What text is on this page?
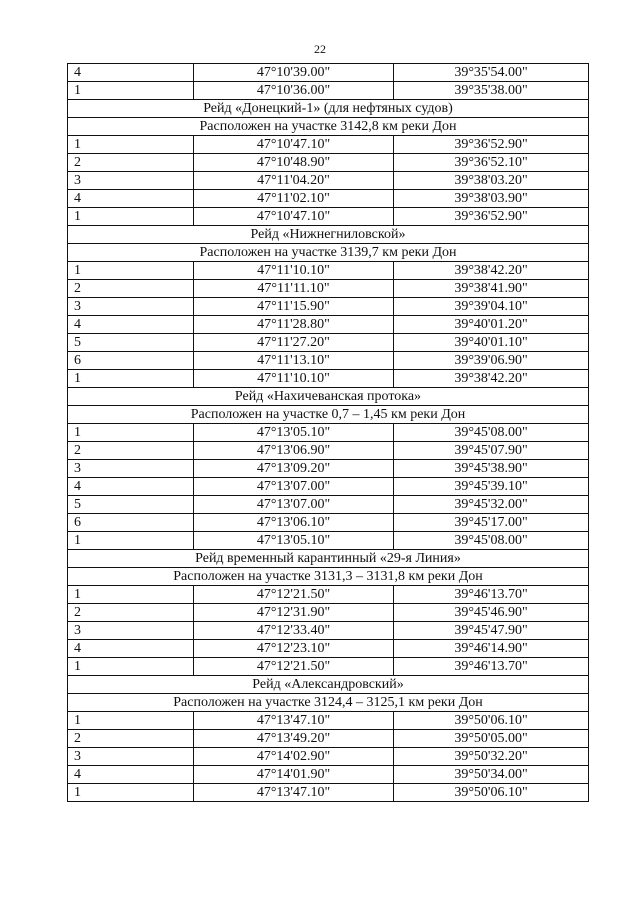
22
4	47°10'39.00"	39°35'54.00"
1	47°10'36.00"	39°35'38.00"
Рейд «Донецкий-1» (для нефтяных судов)		
Расположен на участке 3142,8 км реки Дон		
1	47°10'47.10"	39°36'52.90"
2	47°10'48.90"	39°36'52.10"
3	47°11'04.20"	39°38'03.20"
4	47°11'02.10"	39°38'03.90"
1	47°10'47.10"	39°36'52.90"
Рейд «Нижнегниловской»		
Расположен на участке 3139,7 км реки Дон		
1	47°11'10.10"	39°38'42.20"
2	47°11'11.10"	39°38'41.90"
3	47°11'15.90"	39°39'04.10"
4	47°11'28.80"	39°40'01.20"
5	47°11'27.20"	39°40'01.10"
6	47°11'13.10"	39°39'06.90"
1	47°11'10.10"	39°38'42.20"
Рейд «Нахичеванская протока»		
Расположен на участке 0,7 – 1,45 км реки Дон		
1	47°13'05.10"	39°45'08.00"
2	47°13'06.90"	39°45'07.90"
3	47°13'09.20"	39°45'38.90"
4	47°13'07.00"	39°45'39.10"
5	47°13'07.00"	39°45'32.00"
6	47°13'06.10"	39°45'17.00"
1	47°13'05.10"	39°45'08.00"
Рейд временный карантинный «29-я Линия»		
Расположен на участке 3131,3 – 3131,8 км реки Дон		
1	47°12'21.50"	39°46'13.70"
2	47°12'31.90"	39°45'46.90"
3	47°12'33.40"	39°45'47.90"
4	47°12'23.10"	39°46'14.90"
1	47°12'21.50"	39°46'13.70"
Рейд «Александровский»		
Расположен на участке 3124,4 – 3125,1 км реки Дон		
1	47°13'47.10"	39°50'06.10"
2	47°13'49.20"	39°50'05.00"
3	47°14'02.90"	39°50'32.20"
4	47°14'01.90"	39°50'34.00"
1	47°13'47.10"	39°50'06.10"
